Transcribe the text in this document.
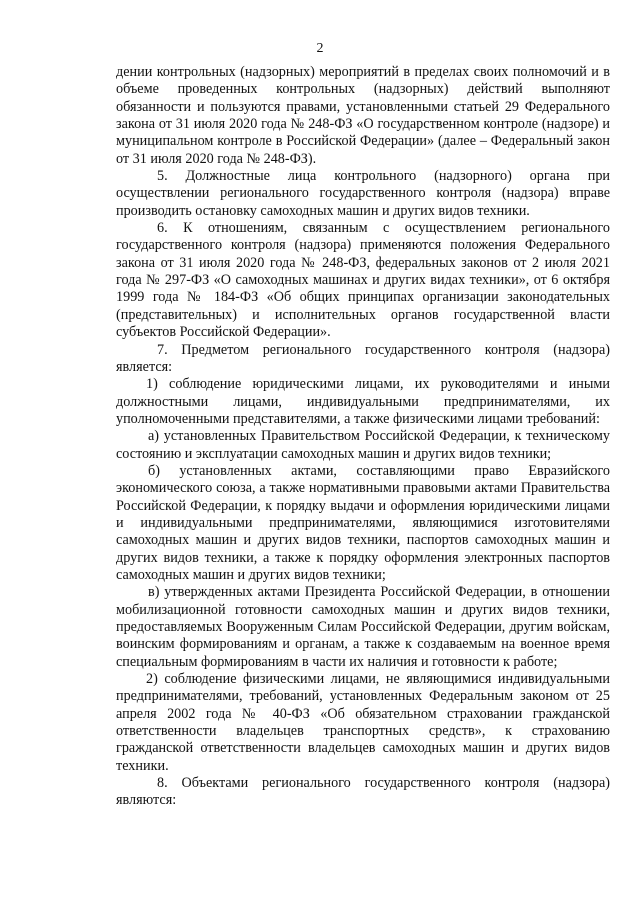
2

дении контрольных (надзорных) мероприятий в пределах своих полномочий и в объеме проведенных контрольных (надзорных) действий выполняют обязанности и пользуются правами, установленными статьей 29 Федерального закона от 31 июля 2020 года № 248-ФЗ «О государственном контроле (надзоре) и муниципальном контроле в Российской Федерации» (далее – Федеральный закон от 31 июля 2020 года № 248-ФЗ).

5. Должностные лица контрольного (надзорного) органа при осуществлении регионального государственного контроля (надзора) вправе производить остановку самоходных машин и других видов техники.

6. К отношениям, связанным с осуществлением регионального государственного контроля (надзора) применяются положения Федерального закона от 31 июля 2020 года № 248-ФЗ, федеральных законов от 2 июля 2021 года № 297-ФЗ «О самоходных машинах и других видах техники», от 6 октября 1999 года № 184-ФЗ «Об общих принципах организации законодательных (представительных) и исполнительных органов государственной власти субъектов Российской Федерации».

7. Предметом регионального государственного контроля (надзора) является:

1) соблюдение юридическими лицами, их руководителями и иными должностными лицами, индивидуальными предпринимателями, их уполномоченными представителями, а также физическими лицами требований:

а) установленных Правительством Российской Федерации, к техническому состоянию и эксплуатации самоходных машин и других видов техники;

б) установленных актами, составляющими право Евразийского экономического союза, а также нормативными правовыми актами Правительства Российской Федерации, к порядку выдачи и оформления юридическими лицами и индивидуальными предпринимателями, являющимися изготовителями самоходных машин и других видов техники, паспортов самоходных машин и других видов техники, а также к порядку оформления электронных паспортов самоходных машин и других видов техники;

в) утвержденных актами Президента Российской Федерации, в отношении мобилизационной готовности самоходных машин и других видов техники, предоставляемых Вооруженным Силам Российской Федерации, другим войскам, воинским формированиям и органам, а также к создаваемым на военное время специальным формированиям в части их наличия и готовности к работе;

2) соблюдение физическими лицами, не являющимися индивидуальными предпринимателями, требований, установленных Федеральным законом от 25 апреля 2002 года № 40-ФЗ «Об обязательном страховании гражданской ответственности владельцев транспортных средств», к страхованию гражданской ответственности владельцев самоходных машин и других видов техники.

8. Объектами регионального государственного контроля (надзора) являются:
